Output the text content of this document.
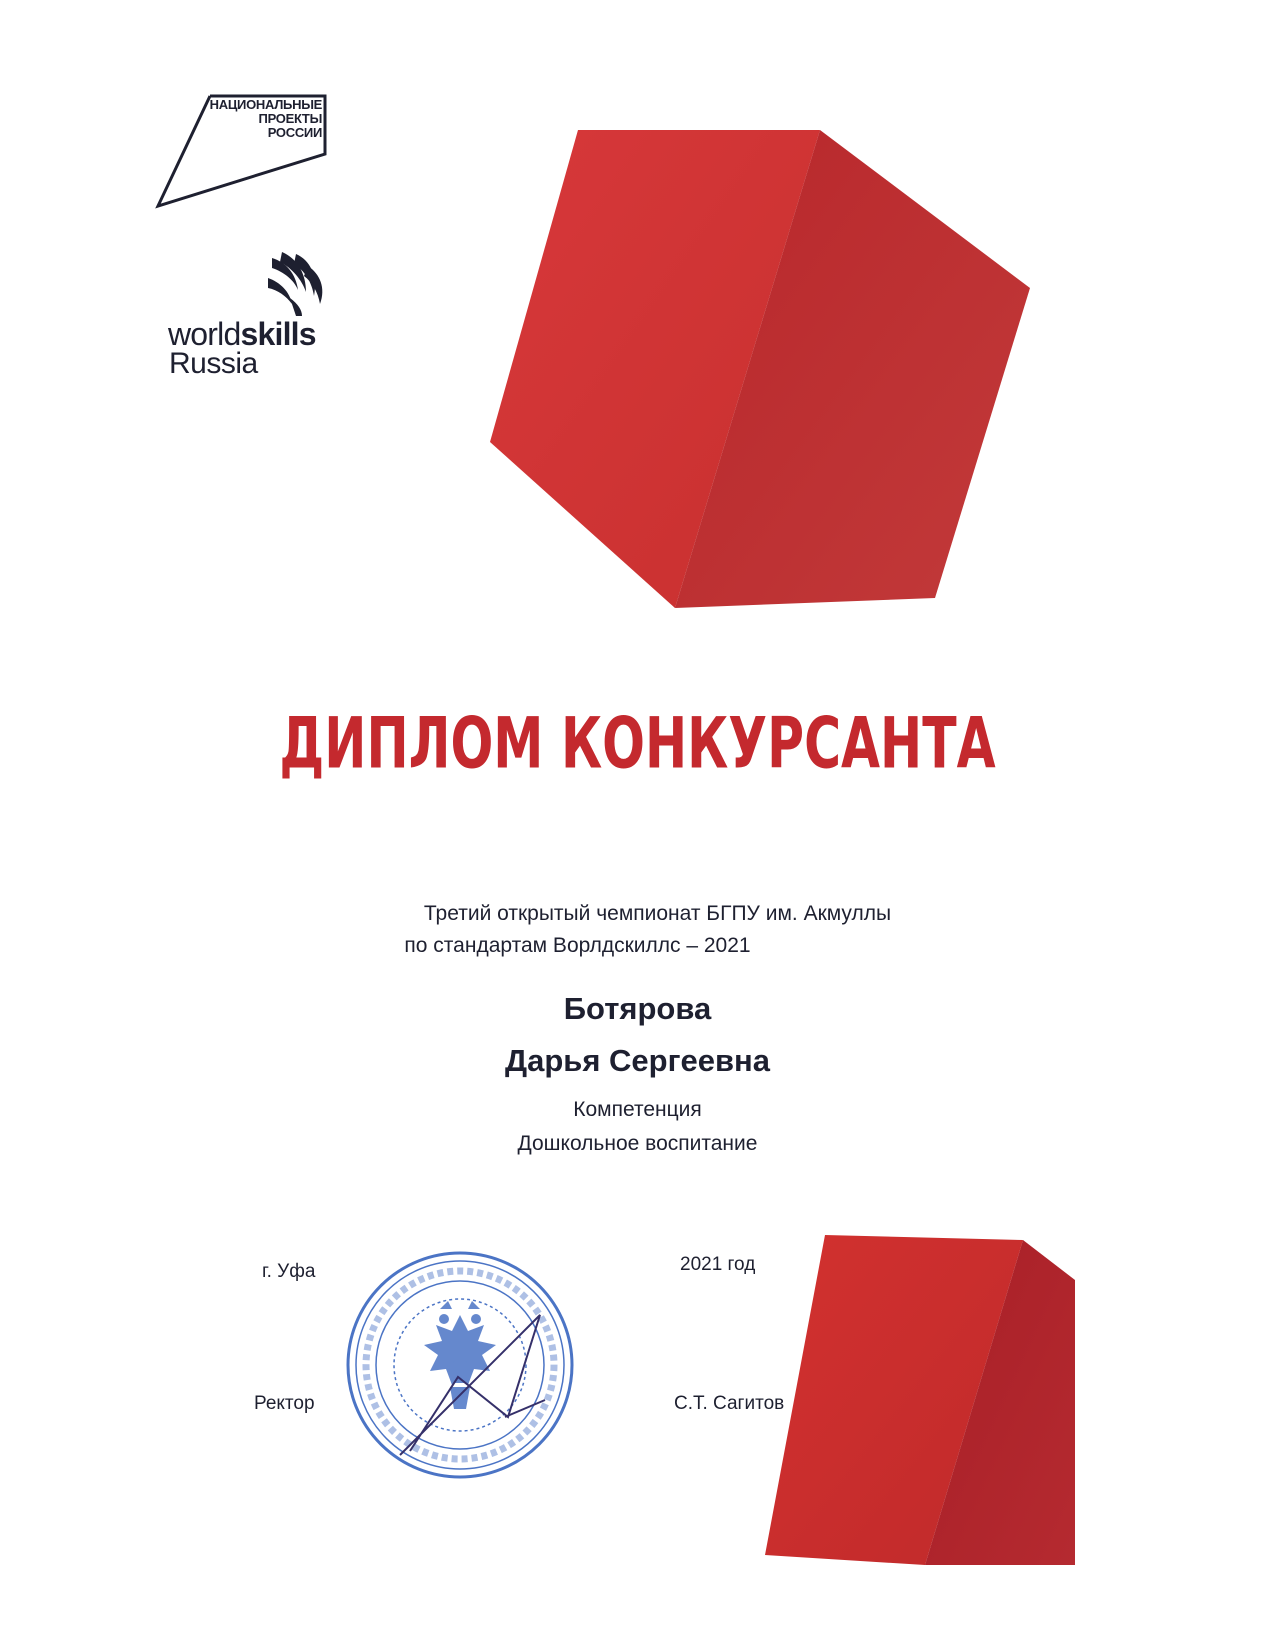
НАЦИОНАЛЬНЫЕ
ПРОЕКТЫ
РОССИИ
worldskills
Russia
ДИПЛОМ КОНКУРСАНТА
Третий открытый чемпионат БГПУ им. Акмуллы
по стандартам Ворлдскиллс – 2021
Ботярова
Дарья Сергеевна
Компетенция
Дошкольное воспитание
г. Уфа	2021 год
Ректор	С.Т. Сагитов
